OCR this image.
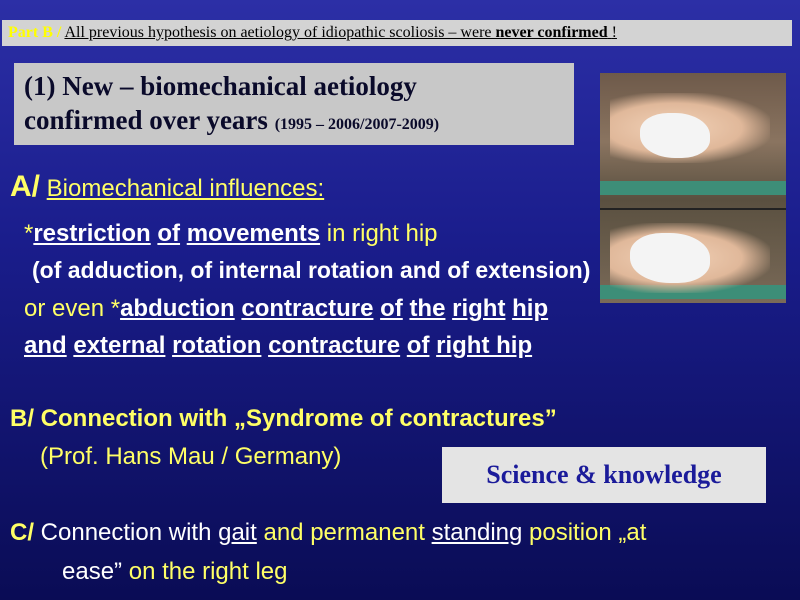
Part B / All previous hypothesis on aetiology of idiopathic scoliosis – were never confirmed !
(1) New – biomechanical aetiology
confirmed over years (1995 – 2006/2007-2009)
A/ Biomechanical influences:
*restriction of movements in right hip
(of adduction, of internal rotation and of extension)
or even *abduction contracture of the right hip
and external rotation contracture of right hip
B/ Connection with „Syndrome of contractures”
(Prof. Hans Mau / Germany)
C/ Connection with gait and permanent standing position „at
ease” on the right leg
Science & knowledge
